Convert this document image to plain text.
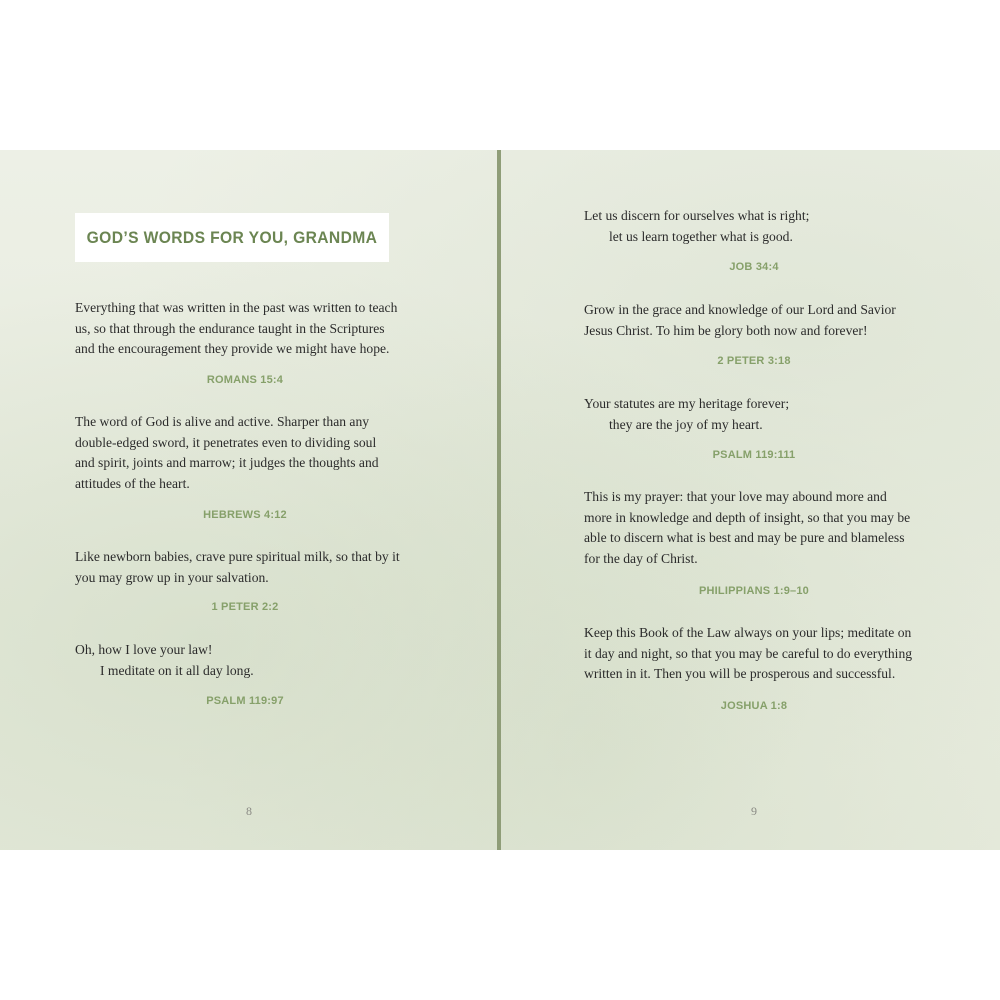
GOD’S WORDS FOR YOU, GRANDMA
Everything that was written in the past was written to teach
us, so that through the endurance taught in the Scriptures
and the encouragement they provide we might have hope.
ROMANS 15:4
The word of God is alive and active. Sharper than any
double-edged sword, it penetrates even to dividing soul
and spirit, joints and marrow; it judges the thoughts and
attitudes of the heart.
HEBREWS 4:12
Like newborn babies, crave pure spiritual milk, so that by it
you may grow up in your salvation.
1 PETER 2:2
Oh, how I love your law!
I meditate on it all day long.
PSALM 119:97
8
Let us discern for ourselves what is right;
let us learn together what is good.
JOB 34:4
Grow in the grace and knowledge of our Lord and Savior
Jesus Christ. To him be glory both now and forever!
2 PETER 3:18
Your statutes are my heritage forever;
they are the joy of my heart.
PSALM 119:111
This is my prayer: that your love may abound more and
more in knowledge and depth of insight, so that you may be
able to discern what is best and may be pure and blameless
for the day of Christ.
PHILIPPIANS 1:9–10
Keep this Book of the Law always on your lips; meditate on
it day and night, so that you may be careful to do everything
written in it. Then you will be prosperous and successful.
JOSHUA 1:8
9
